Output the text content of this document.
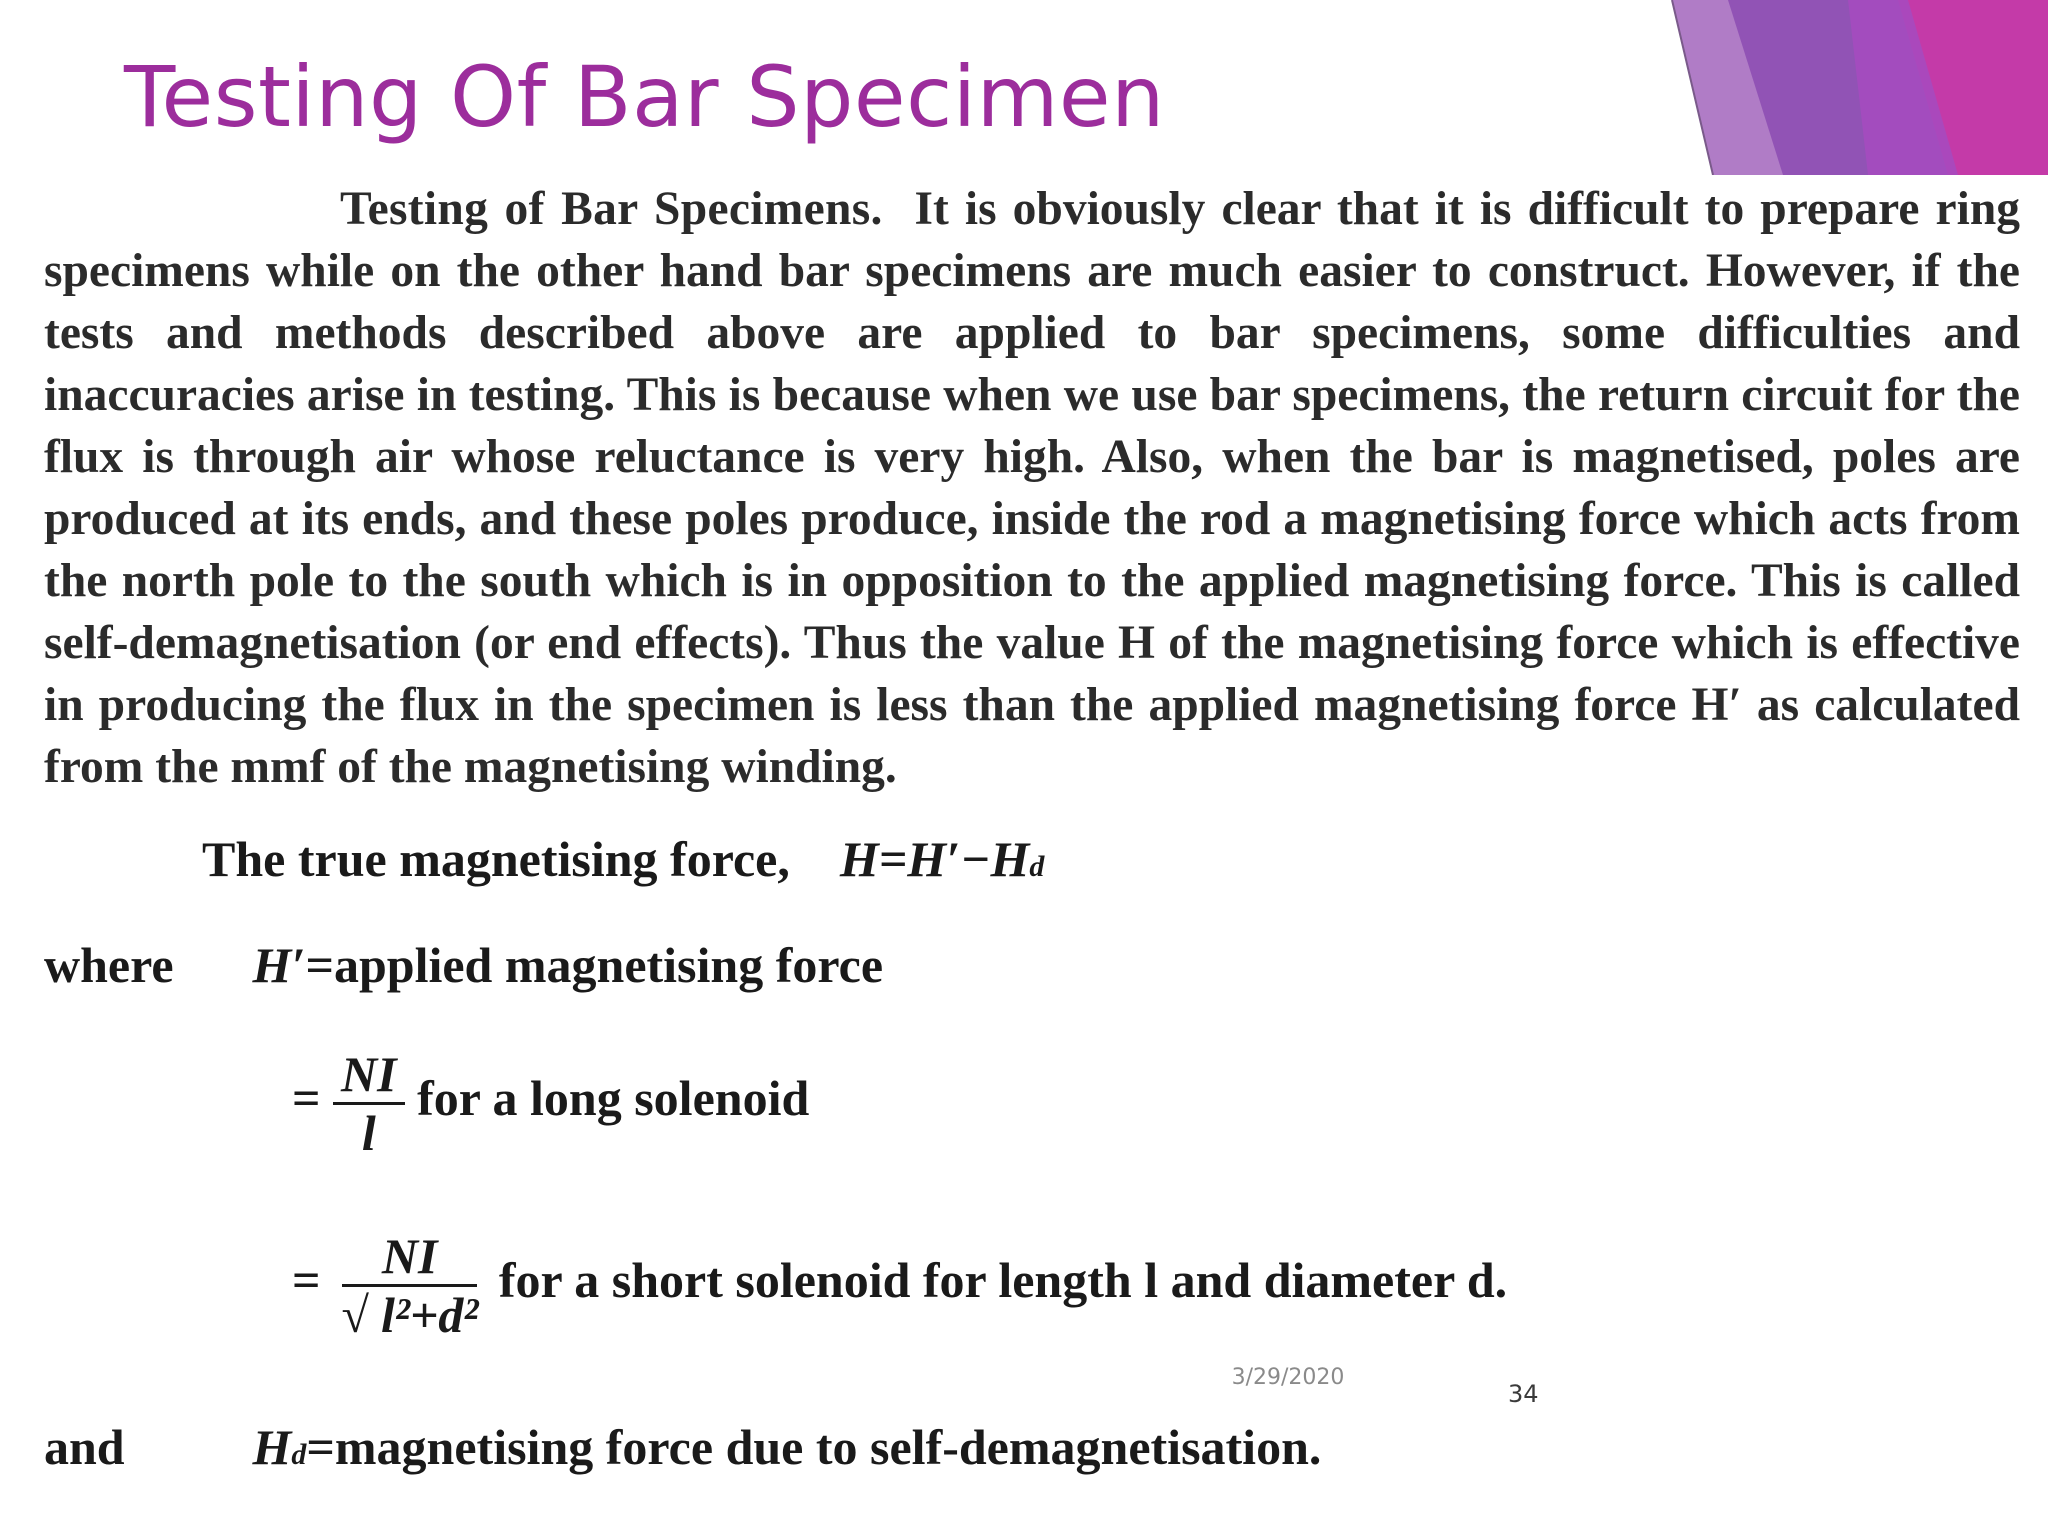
Testing Of Bar Specimen

Testing of Bar Specimens.  It is obviously clear that it is difficult to prepare ring specimens while on the other hand bar specimens are much easier to construct. However, if the tests and methods described above are applied to bar specimens, some difficulties and inaccuracies arise in testing. This is because when we use bar specimens, the return circuit for the flux is through air whose reluctance is very high. Also, when the bar is magnetised, poles are produced at its ends, and these poles produce, inside the rod a magnetising force which acts from the north pole to the south which is in opposition to the applied magnetising force. This is called self-demagnetisation (or end effects). Thus the value H of the magnetising force which is effective in producing the flux in the specimen is less than the applied magnetising force H′ as calculated from the mmf of the magnetising winding.

The true magnetising force, H=H′−Hd
where H′=applied magnetising force
= $\frac{NI}{l}$ for a long solenoid
= $\frac{NI}{\text{√ l²+d²}}$ for a short solenoid for length l and diameter d.
and	Hd=magnetising force due to self-demagnetisation.
3/29/2020
34
